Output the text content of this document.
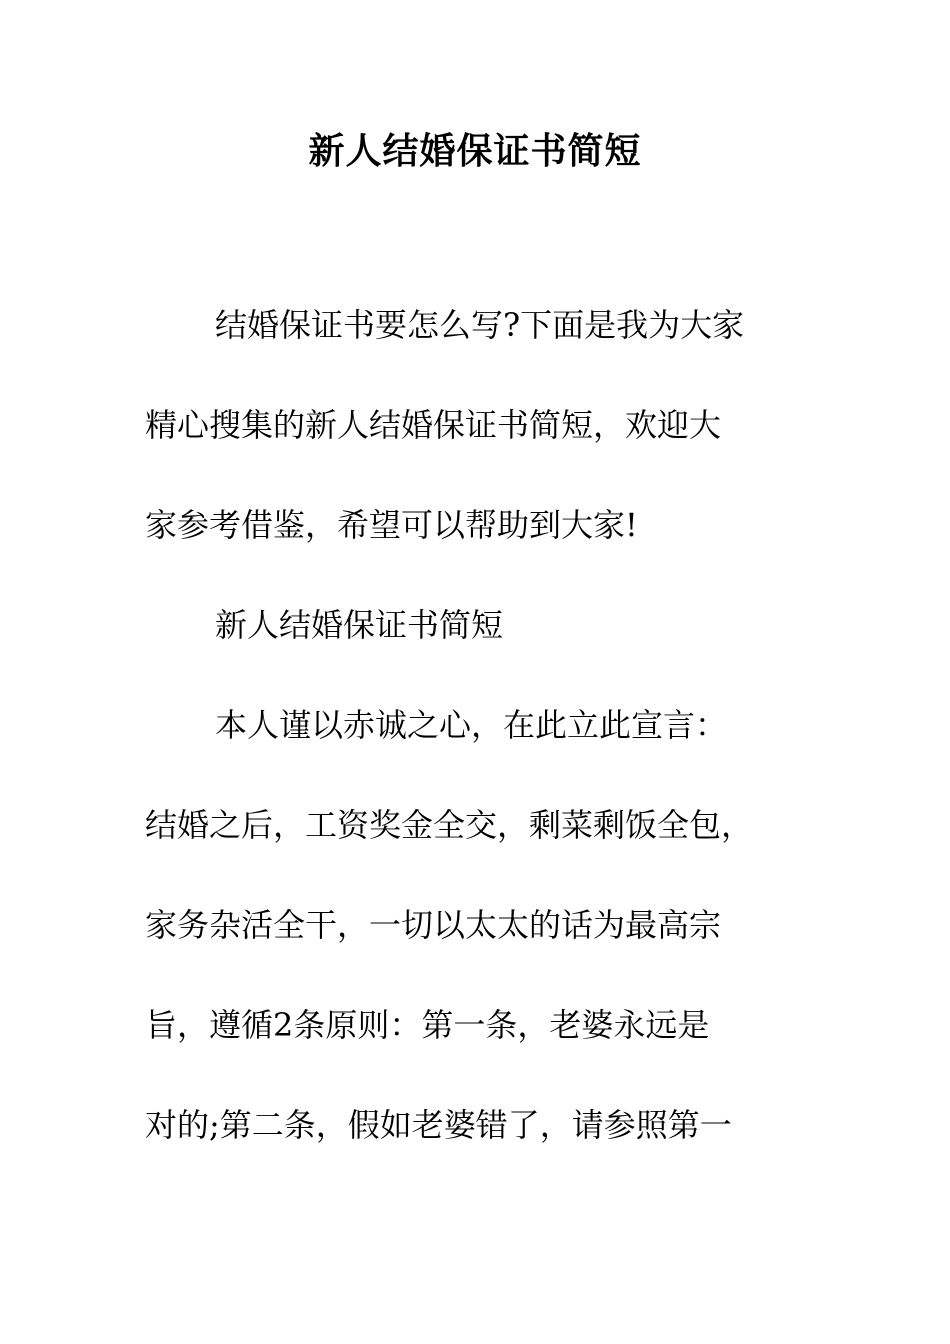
新人结婚保证书简短
结婚保证书要怎么写?下面是我为大家
精心搜集的新人结婚保证书简短，欢迎大
家参考借鉴，希望可以帮助到大家!
新人结婚保证书简短
本人谨以赤诚之心，在此立此宣言：
结婚之后，工资奖金全交，剩菜剩饭全包，
家务杂活全干，一切以太太的话为最高宗
旨，遵循2条原则：第一条，老婆永远是
对的;第二条，假如老婆错了，请参照第一
